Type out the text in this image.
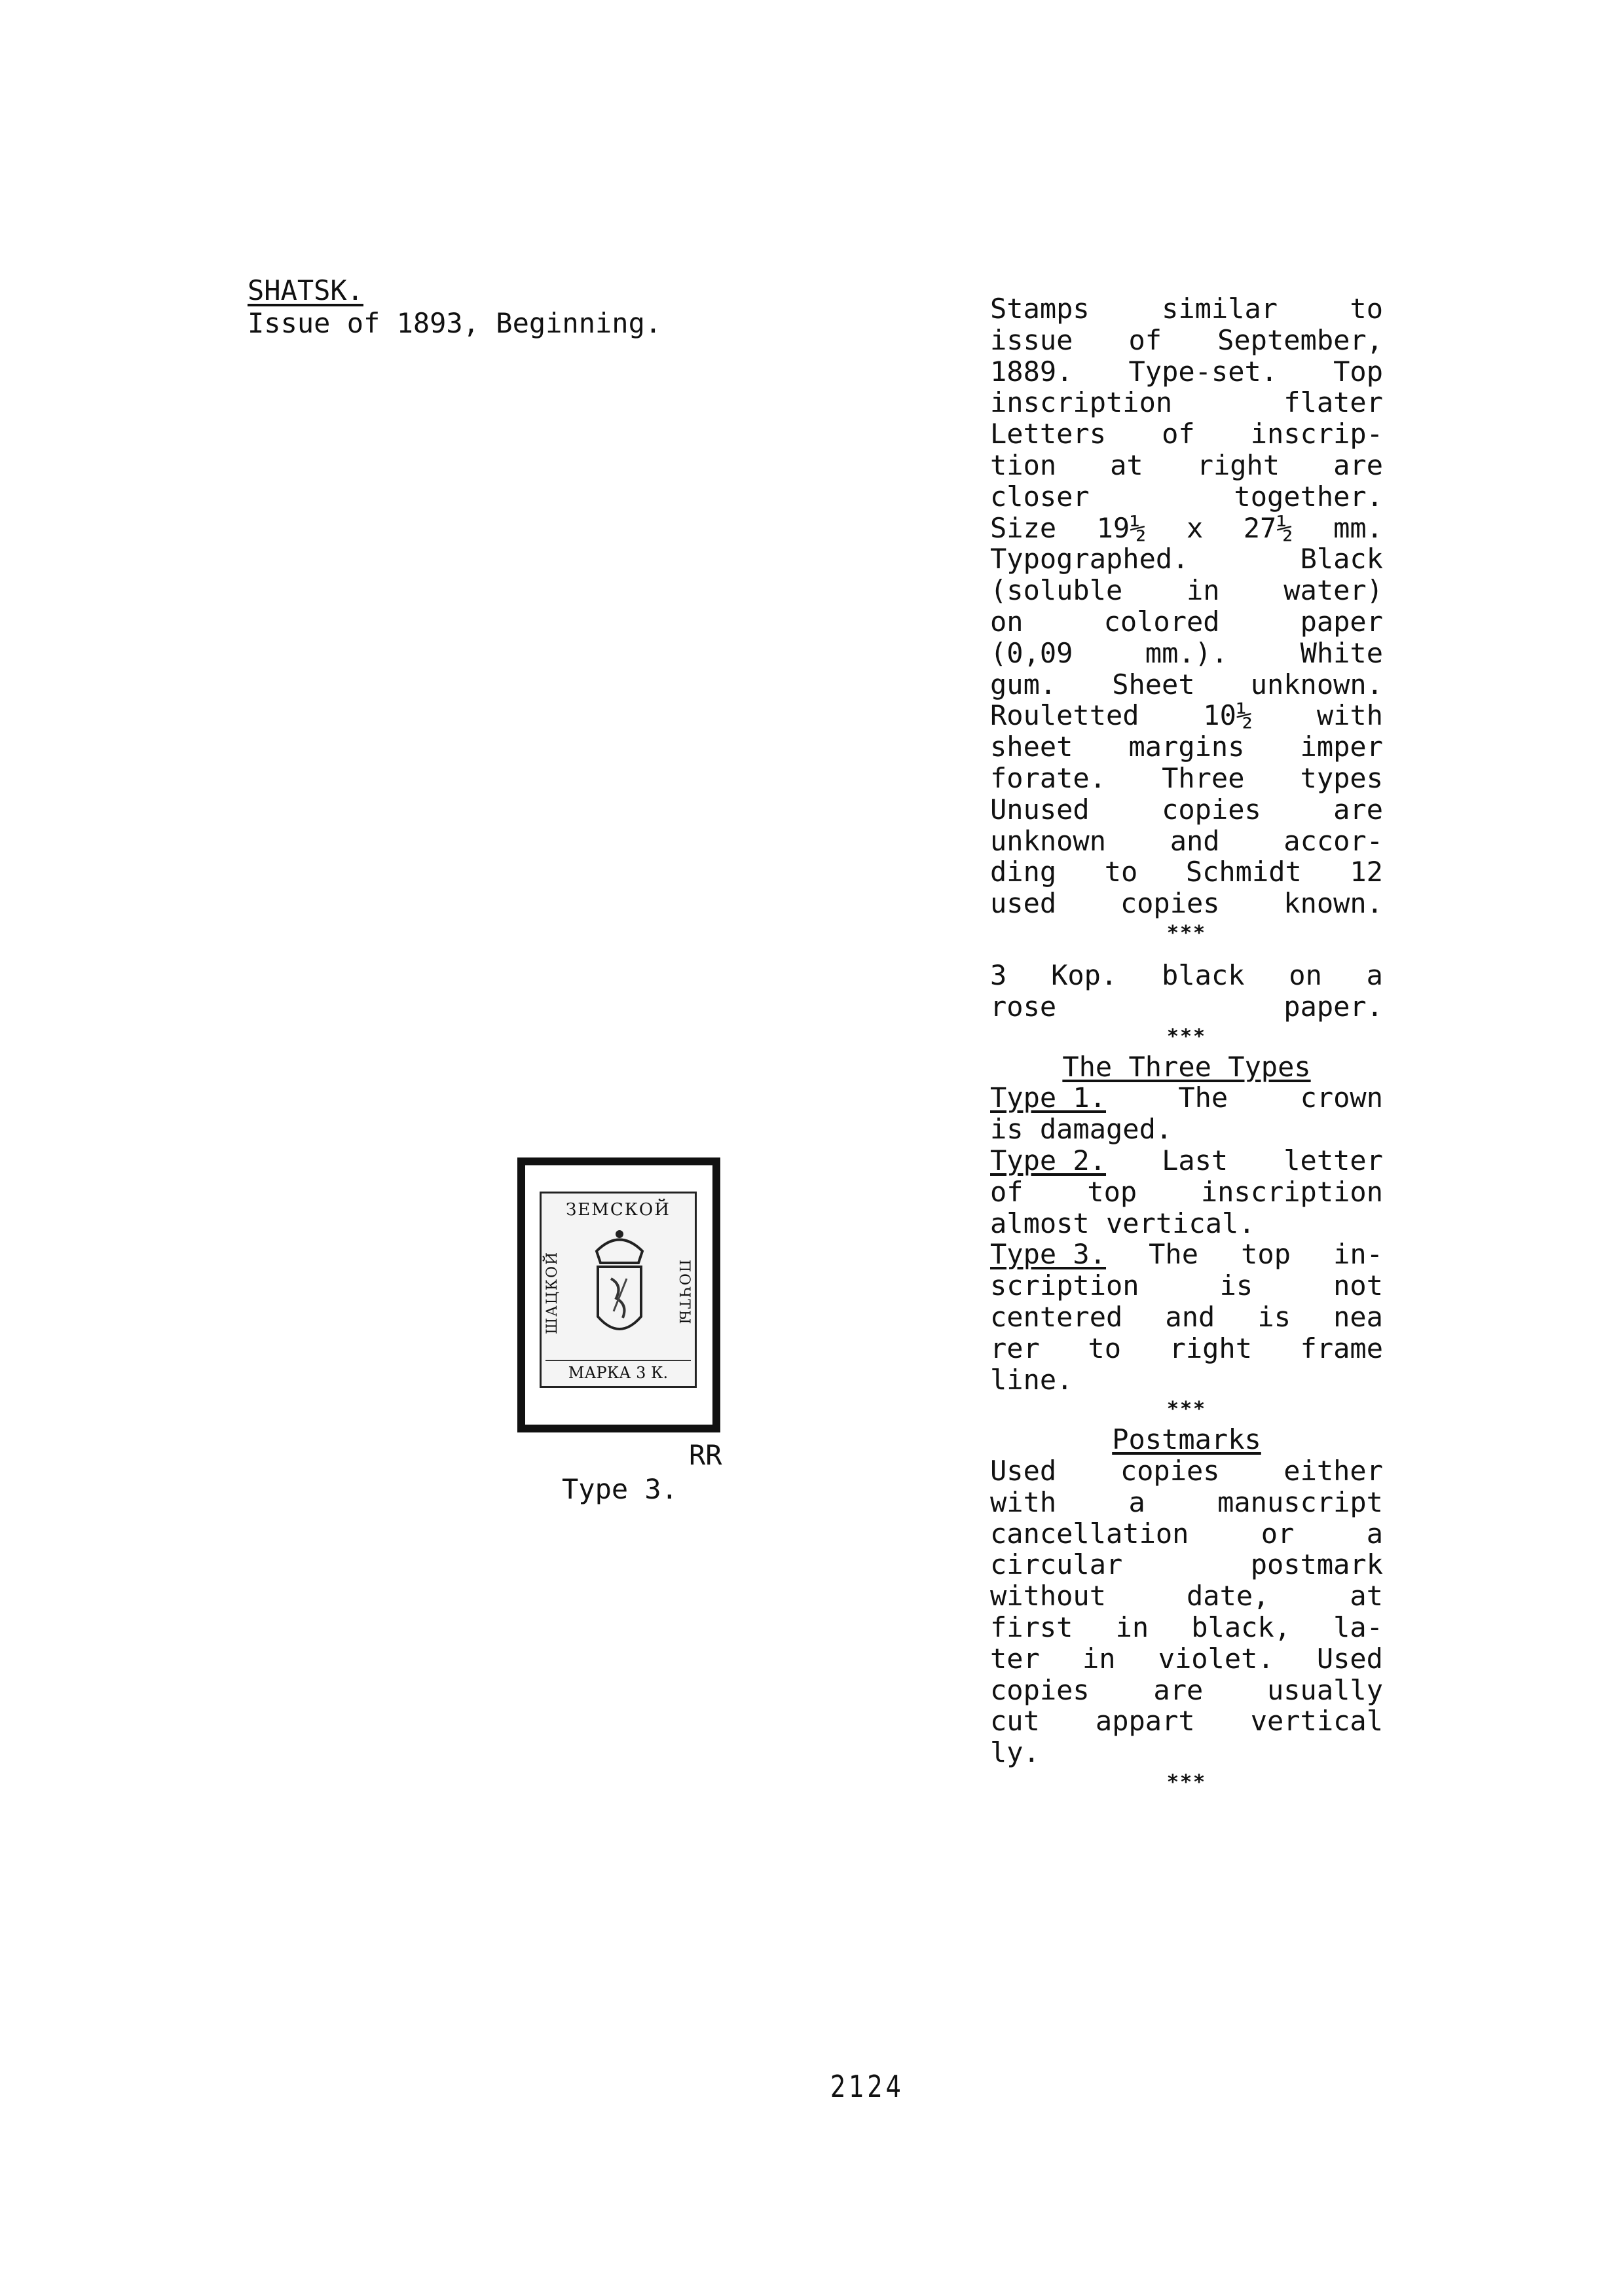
SHATSK.
Issue of 1893, Beginning.	Stamps	similar	to
issue of September,
1889. Type-set. Top
inscription	flater
Letters of inscrip-
tion at right are
closer	together.
Size 19½ x 27½ mm.
Typographed.	Black
(soluble in water)
on	colored	paper
(0,09	mm.).	White
gum. Sheet unknown.
Rouletted 10½ with
sheet margins imper
forate. Three types
Unused	copies	are
unknown and accor-
ding to Schmidt 12
used copies known.
***
3 Kop. black on a
rose	paper.
***
The Three Types
Type 1.	The	crown
is damaged.
Type 2. Last letter
of top inscription
almost vertical.
Type 3. The top in-
scription	is	not
centered and is nea
rer to right frame
line.
***
Postmarks
Used copies either
with	a	manuscript
cancellation	or	a
circular	postmark
without	date,	at
first in black, la-
ter in violet. Used
copies are usually
cut appart vertical
ly.
***
ЗЕМСКОЙ
ШАЦКОЙ	ПОЧТЫ
МАРКА 3 К.
RR
Type 3.
2124
